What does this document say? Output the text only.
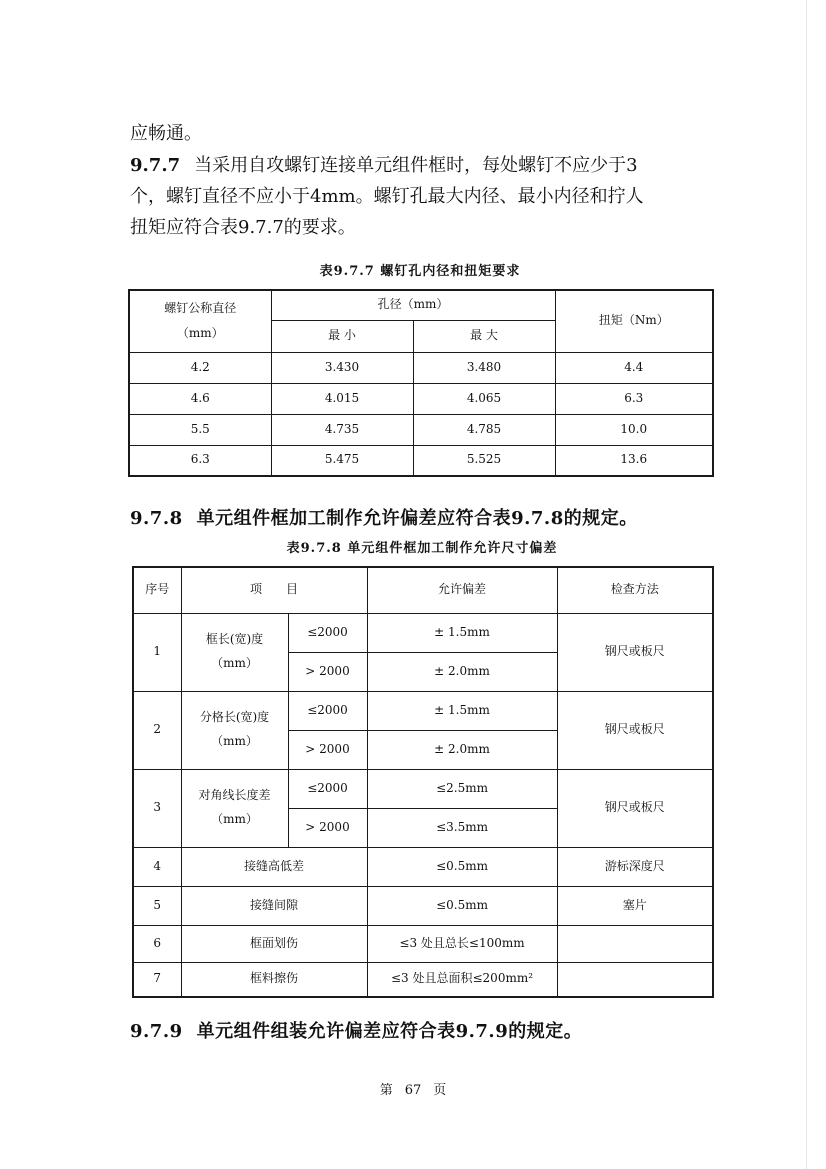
应畅通。
9.7.7 当采用自攻螺钉连接单元组件框时，每处螺钉不应少于3
个，螺钉直径不应小于4mm。螺钉孔最大内径、最小内径和拧人
扭矩应符合表9.7.7的要求。
表9.7.7 螺钉孔内径和扭矩要求
螺钉公称直径
（mm）	孔径（mm）		扭矩（Nm）
	最 小	最 大	
4.2	3.430	3.480	4.4
4.6	4.015	4.065	6.3
5.5	4.735	4.785	10.0
6.3	5.475	5.525	13.6
9.7.8 单元组件框加工制作允许偏差应符合表9.7.8的规定。
表9.7.8 单元组件框加工制作允许尺寸偏差
序号	项　　目		允许偏差	检查方法
1	框长(宽)度
（mm）	≤2000	± 1.5mm	钢尺或板尺
		> 2000	± 2.0mm	
2	分格长(宽)度
（mm）	≤2000	± 1.5mm	钢尺或板尺
		> 2000	± 2.0mm	
3	对角线长度差
（mm）	≤2000	≤2.5mm	钢尺或板尺
		> 2000	≤3.5mm	
4	接缝高低差		≤0.5mm	游标深度尺
5	接缝间隙		≤0.5mm	塞片
6	框面划伤		≤3 处且总长≤100mm	
7	框料擦伤		≤3 处且总面积≤200mm²	
9.7.9 单元组件组装允许偏差应符合表9.7.9的规定。
第 67 页
